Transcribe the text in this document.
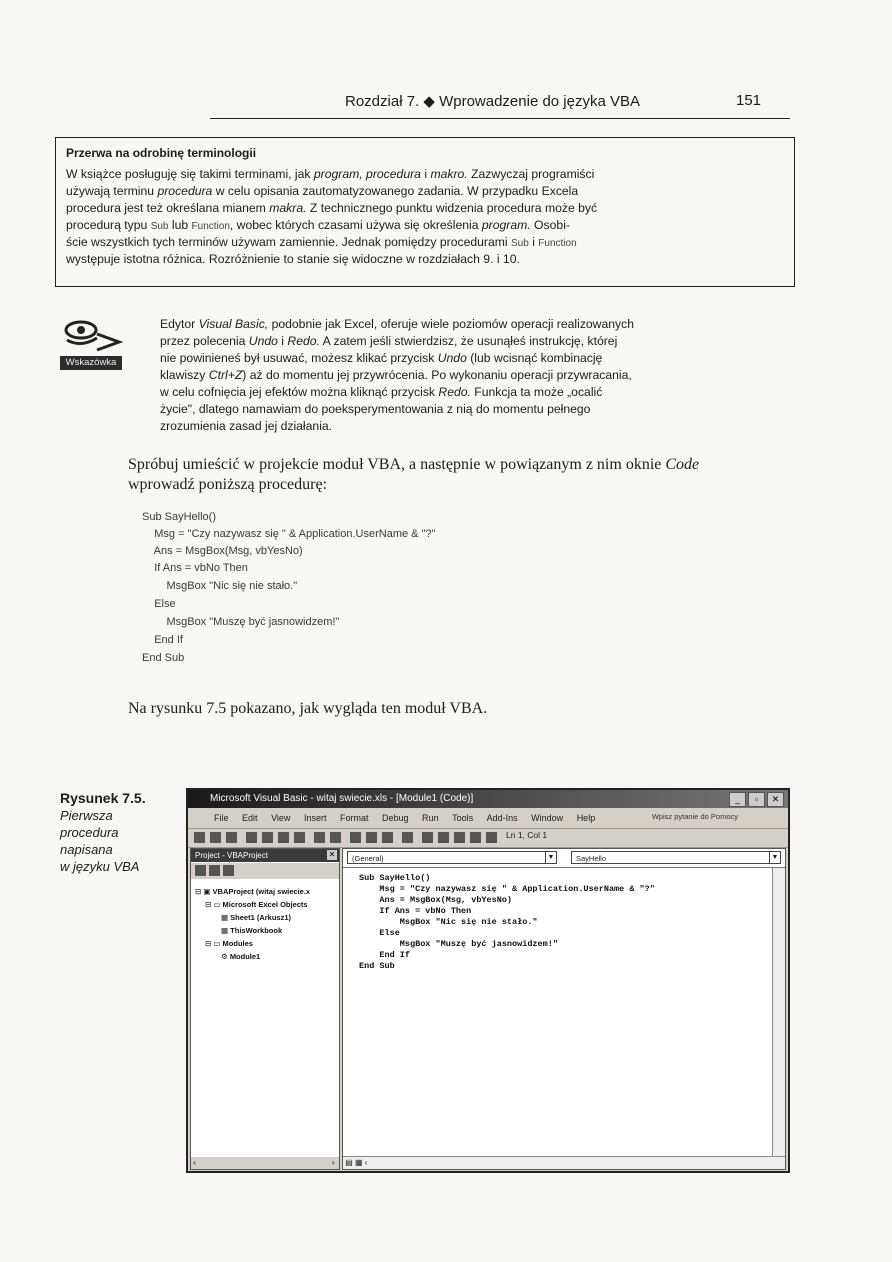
Rozdział 7. ◆ Wprowadzenie do języka VBA	151
Przerwa na odrobinę terminologii
W książce posługuję się takimi terminami, jak program, procedura i makro. Zazwyczaj programiści
używają terminu procedura w celu opisania zautomatyzowanego zadania. W przypadku Excela
procedura jest też określana mianem makra. Z technicznego punktu widzenia procedura może być
procedurą typu Sub lub Function, wobec których czasami używa się określenia program. Osobi-
ście wszystkich tych terminów używam zamiennie. Jednak pomiędzy procedurami Sub i Function
występuje istotna różnica. Rozróżnienie to stanie się widoczne w rozdziałach 9. i 10.
Wskazówka
Edytor Visual Basic, podobnie jak Excel, oferuje wiele poziomów operacji realizowanych
przez polecenia Undo i Redo. A zatem jeśli stwierdzisz, że usunąłeś instrukcję, której
nie powinieneś był usuwać, możesz klikać przycisk Undo (lub wcisnąć kombinację
klawiszy Ctrl+Z) aż do momentu jej przywrócenia. Po wykonaniu operacji przywracania,
w celu cofnięcia jej efektów można kliknąć przycisk Redo. Funkcja ta może „ocalić
życie", dlatego namawiam do poeksperymentowania z nią do momentu pełnego
zrozumienia zasad jej działania.
Spróbuj umieścić w projekcie moduł VBA, a następnie w powiązanym z nim oknie Code
wprowadź poniższą procedurę:
Sub SayHello()
Msg = "Czy nazywasz się " & Application.UserName & "?"
Ans = MsgBox(Msg, vbYesNo)
If Ans = vbNo Then
MsgBox "Nic się nie stało."
Else
MsgBox "Muszę być jasnowidzem!"
End If
End Sub
Na rysunku 7.5 pokazano, jak wygląda ten moduł VBA.
Rysunek 7.5.
Pierwsza
procedura
napisana
w języku VBA
Microsoft Visual Basic - witaj swiecie.xls - [Module1 (Code)]	_ ▫ ✕
File Edit View Insert Format Debug Run Tools Add-Ins Window Help	Wpisz pytanie do Pomocy
Ln 1, Col 1
Project - VBAProject	✕
⊟ ▣ VBAProject (witaj swiecie.x
⊟ ▭ Microsoft Excel Objects
▦ Sheet1 (Arkusz1)
▦ ThisWorkbook
⊟ ▭ Modules
⚙ Module1
‹	›
(General)	▼	SayHello	▼
Sub SayHello()
Msg = "Czy nazywasz się " & Application.UserName & "?"
Ans = MsgBox(Msg, vbYesNo)
If Ans = vbNo Then
MsgBox "Nic się nie stało."
Else
MsgBox "Muszę być jasnowidzem!"
End If
End Sub
▤ ▦ ‹
